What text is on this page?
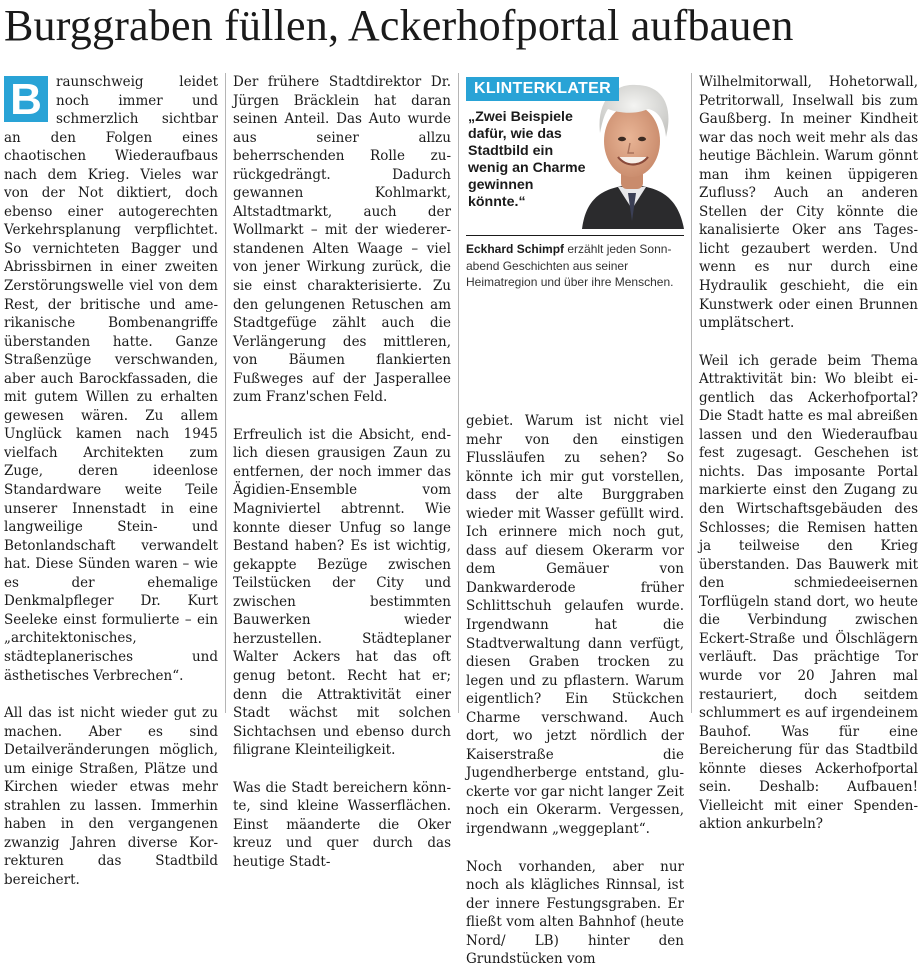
Burggraben füllen, Ackerhofportal aufbauen

B	raunschweig leidet noch immer und schmerzlich sichtbar an den Folgen eines chaotischen Wiederaufbaus nach dem Krieg. Vieles war von der Not diktiert, doch ebenso einer autogerechten Verkehrsplanung verpflichtet. So vernichteten Bagger und Abrissbirnen in einer zweiten Zerstörungswelle viel von dem Rest, der britische und amerikanische Bombenangriffe überstanden hatte. Ganze Straßenzüge verschwanden, aber auch Barockfassaden, die mit gutem Willen zu erhalten gewesen wären. Zu allem Unglück kamen nach 1945 vielfach Architekten zum Zuge, deren ideenlose Standardware weite Teile unserer Innenstadt in eine langweilige Stein- und Betonlandschaft verwandelt hat. Diese Sünden waren – wie es der ehemalige Denkmalpfleger Dr. Kurt Seeleke einst formulierte – ein „architektonisches, städteplanerisches und ästhetisches Verbrechen“.

All das ist nicht wieder gut zu machen. Aber es sind Detailveränderungen möglich, um einige Straßen, Plätze und Kirchen wieder etwas mehr strahlen zu lassen. Immerhin haben in den vergangenen zwanzig Jahren diverse Korrekturen das Stadtbild bereichert.

Der frühere Stadtdirektor Dr. Jürgen Bräcklein hat daran seinen Anteil. Das Auto wurde aus seiner allzu beherrschenden Rolle zurückgedrängt. Dadurch gewannen Kohlmarkt, Altstadtmarkt, auch der Wollmarkt – mit der wiedererstandenen Alten Waage – viel von jener Wirkung zurück, die sie einst charakterisierte. Zu den gelungenen Retuschen am Stadtgefüge zählt auch die Verlängerung des mittleren, von Bäumen flankierten Fußweges auf der Jasperallee zum Franz'schen Feld.

Erfreulich ist die Absicht, endlich diesen grausigen Zaun zu entfernen, der noch immer das Ägidien-Ensemble vom Magniviertel abtrennt. Wie konnte dieser Unfug so lange Bestand haben? Es ist wichtig, gekappte Bezüge zwischen Teilstücken der City und zwischen bestimmten Bauwerken wieder herzustellen. Städteplaner Walter Ackers hat das oft genug betont. Recht hat er; denn die Attraktivität einer Stadt wächst mit solchen Sichtachsen und ebenso durch filigrane Kleinteiligkeit.

Was die Stadt bereichern könnte, sind kleine Wasserflächen. Einst mäanderte die Oker kreuz und quer durch das heutige Stadt-

KLINTERKLATER
„Zwei Beispiele dafür, wie das Stadtbild ein wenig an Charme gewinnen könnte.“
Eckhard Schimpf erzählt jeden Sonnabend Geschichten aus seiner Heimatregion und über ihre Menschen.

gebiet. Warum ist nicht viel mehr von den einstigen Flussläufen zu sehen? So könnte ich mir gut vorstellen, dass der alte Burggraben wieder mit Wasser gefüllt wird. Ich erinnere mich noch gut, dass auf diesem Okerarm vor dem Gemäuer von Dankwarderode früher Schlittschuh gelaufen wurde. Irgendwann hat die Stadtverwaltung dann verfügt, diesen Graben trocken zu legen und zu pflastern. Warum eigentlich? Ein Stückchen Charme verschwand. Auch dort, wo jetzt nördlich der Kaiserstraße die Jugendherberge entstand, gluckerte vor gar nicht langer Zeit noch ein Okerarm. Vergessen, irgendwann „weggeplant“.

Noch vorhanden, aber nur noch als klägliches Rinnsal, ist der innere Festungsgraben. Er fließt vom alten Bahnhof (heute Nord/ LB) hinter den Grundstücken vom

Wilhelmitorwall, Hohetorwall, Petritorwall, Inselwall bis zum Gaußberg. In meiner Kindheit war das noch weit mehr als das heutige Bächlein. Warum gönnt man ihm keinen üppigeren Zufluss? Auch an anderen Stellen der City könnte die kanalisierte Oker ans Tageslicht gezaubert werden. Und wenn es nur durch eine Hydraulik geschieht, die ein Kunstwerk oder einen Brunnen umplätschert.

Weil ich gerade beim Thema Attraktivität bin: Wo bleibt eigentlich das Ackerhofportal? Die Stadt hatte es mal abreißen lassen und den Wiederaufbau fest zugesagt. Geschehen ist nichts. Das imposante Portal markierte einst den Zugang zu den Wirtschaftsgebäuden des Schlosses; die Remisen hatten ja teilweise den Krieg überstanden. Das Bauwerk mit den schmiedeeisernen Torflügeln stand dort, wo heute die Verbindung zwischen Eckert-Straße und Ölschlägern verläuft. Das prächtige Tor wurde vor 20 Jahren mal restauriert, doch seitdem schlummert es auf irgendeinem Bauhof. Was für eine Bereicherung für das Stadtbild könnte dieses Ackerhofportal sein. Deshalb: Aufbauen! Vielleicht mit einer Spendenaktion ankurbeln?
